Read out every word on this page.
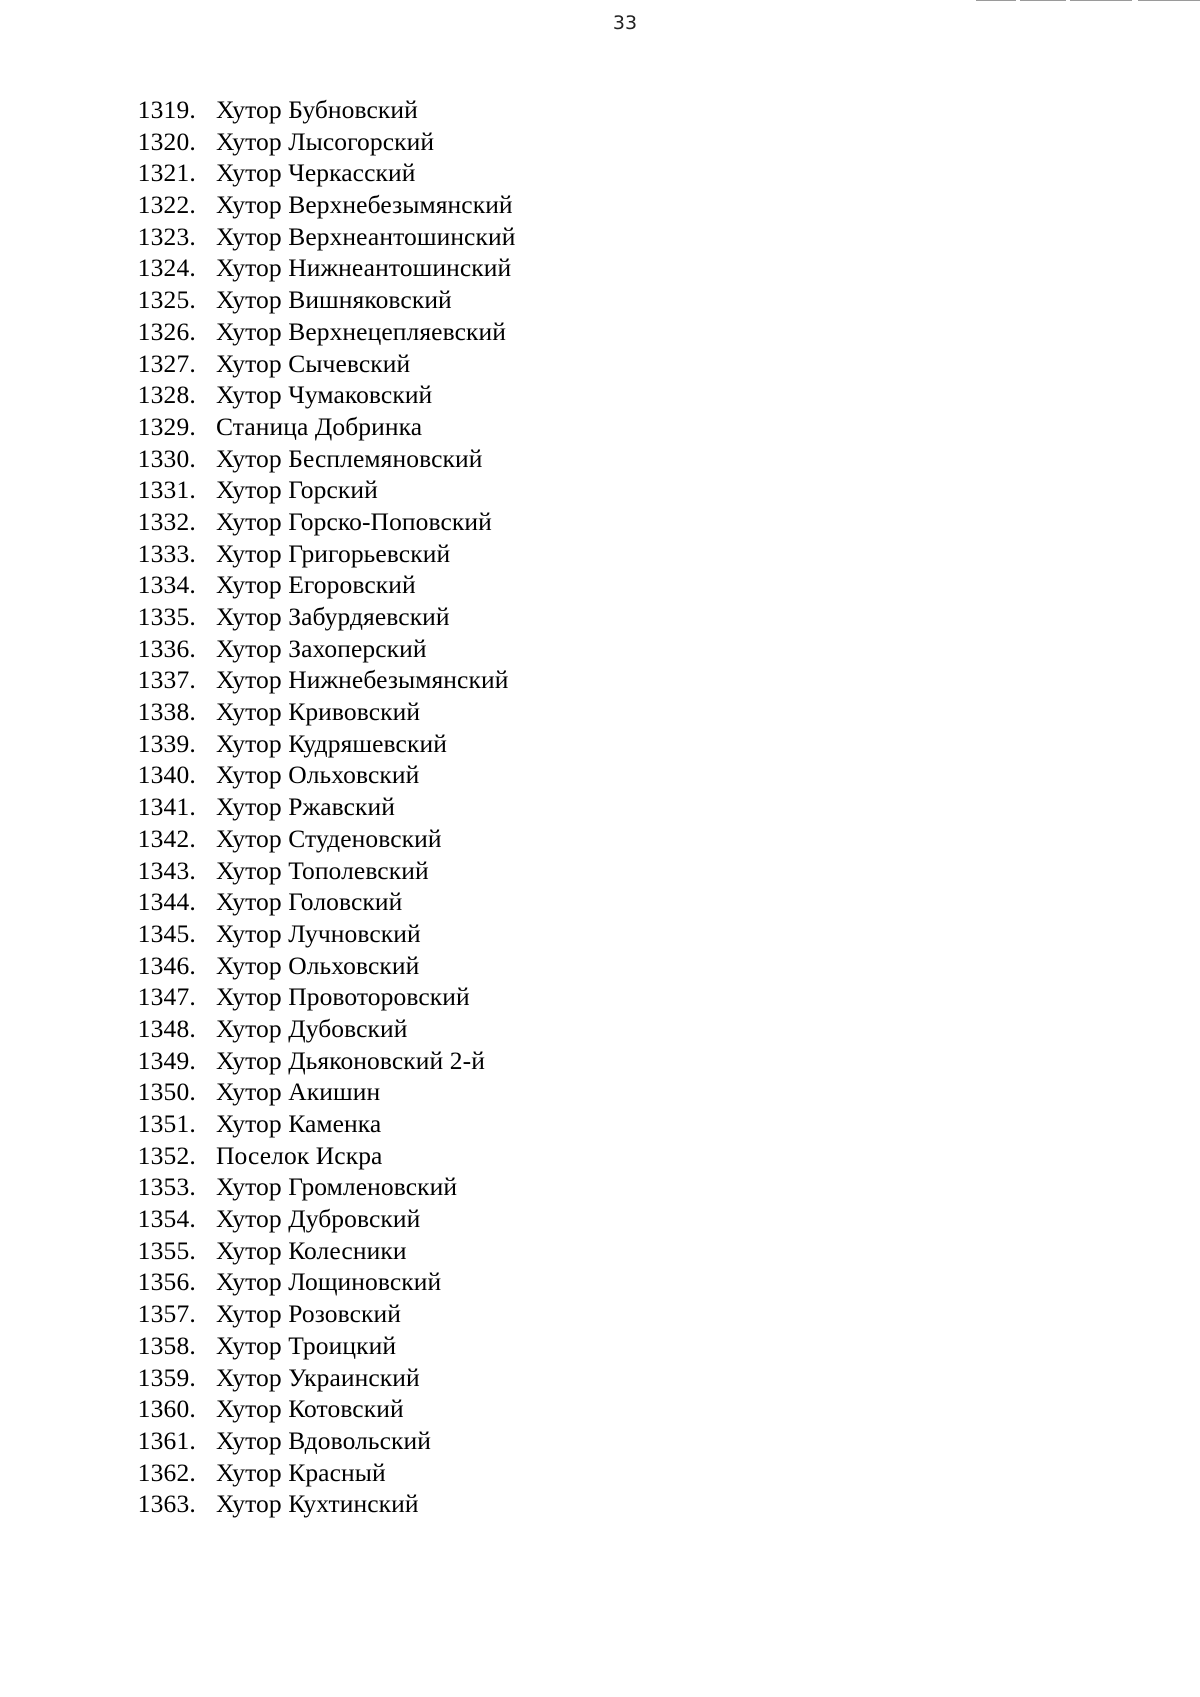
33
1319. Хутор Бубновский
1320. Хутор Лысогорский
1321. Хутор Черкасский
1322. Хутор Верхнебезымянский
1323. Хутор Верхнеантошинский
1324. Хутор Нижнеантошинский
1325. Хутор Вишняковский
1326. Хутор Верхнецепляевский
1327. Хутор Сычевский
1328. Хутор Чумаковский
1329. Станица Добринка
1330. Хутор Бесплемяновский
1331. Хутор Горский
1332. Хутор Горско-Поповский
1333. Хутор Григорьевский
1334. Хутор Егоровский
1335. Хутор Забурдяевский
1336. Хутор Захоперский
1337. Хутор Нижнебезымянский
1338. Хутор Кривовский
1339. Хутор Кудряшевский
1340. Хутор Ольховский
1341. Хутор Ржавский
1342. Хутор Студеновский
1343. Хутор Тополевский
1344. Хутор Головский
1345. Хутор Лучновский
1346. Хутор Ольховский
1347. Хутор Провоторовский
1348. Хутор Дубовский
1349. Хутор Дьяконовский 2-й
1350. Хутор Акишин
1351. Хутор Каменка
1352. Поселок Искра
1353. Хутор Громленовский
1354. Хутор Дубровский
1355. Хутор Колесники
1356. Хутор Лощиновский
1357. Хутор Розовский
1358. Хутор Троицкий
1359. Хутор Украинский
1360. Хутор Котовский
1361. Хутор Вдовольский
1362. Хутор Красный
1363. Хутор Кухтинский
